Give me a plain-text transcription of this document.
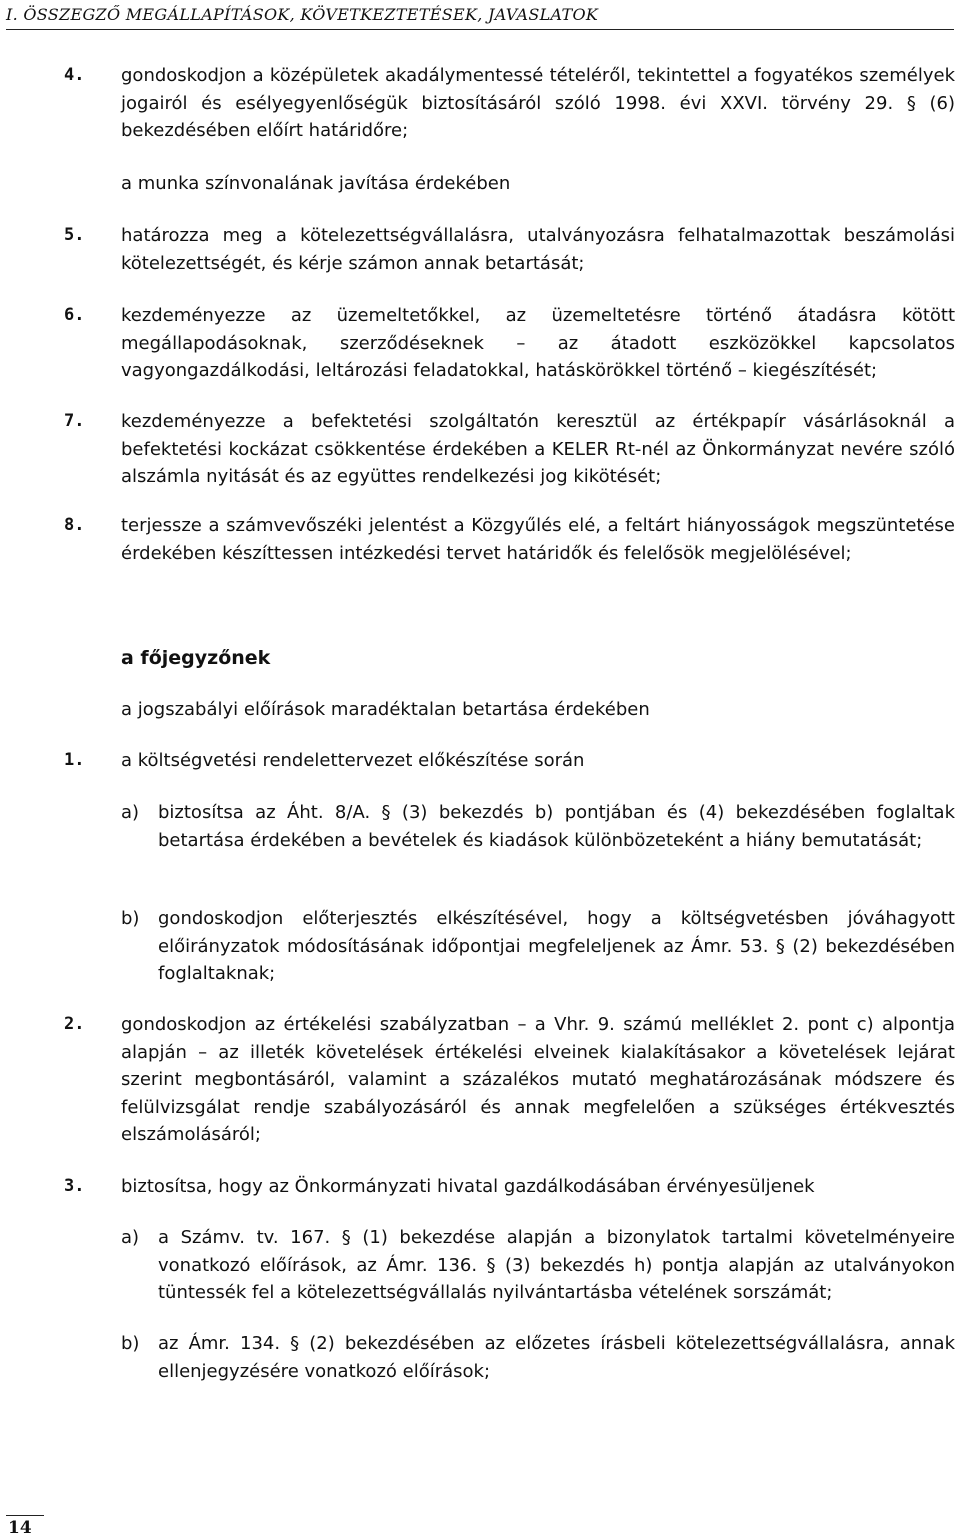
I. ÖSSZEGZŐ MEGÁLLAPÍTÁSOK, KÖVETKEZTETÉSEK, JAVASLATOK
4. gondoskodjon a középületek akadálymentessé tételéről, tekintettel a fogyatékos személyek jogairól és esélyegyenlőségük biztosításáról szóló 1998. évi XXVI. törvény 29. § (6) bekezdésében előírt határidőre;
a munka színvonalának javítása érdekében
5. határozza meg a kötelezettségvállalásra, utalványozásra felhatalmazottak beszámolási kötelezettségét, és kérje számon annak betartását;
6. kezdeményezze az üzemeltetőkkel, az üzemeltetésre történő átadásra kötött megállapodásoknak, szerződéseknek – az átadott eszközökkel kapcsolatos vagyongazdálkodási, leltározási feladatokkal, hatáskörökkel történő – kiegészítését;
7. kezdeményezze a befektetési szolgáltatón keresztül az értékpapír vásárlásoknál a befektetési kockázat csökkentése érdekében a KELER Rt-nél az Önkormányzat nevére szóló alszámla nyitását és az együttes rendelkezési jog kikötését;
8. terjessze a számvevőszéki jelentést a Közgyűlés elé, a feltárt hiányosságok megszüntetése érdekében készíttessen intézkedési tervet határidők és felelősök megjelölésével;
a főjegyzőnek
a jogszabályi előírások maradéktalan betartása érdekében
1. a költségvetési rendelettervezet előkészítése során
a) biztosítsa az Áht. 8/A. § (3) bekezdés b) pontjában és (4) bekezdésében foglaltak betartása érdekében a bevételek és kiadások különbözeteként a hiány bemutatását;
b) gondoskodjon előterjesztés elkészítésével, hogy a költségvetésben jóváhagyott előirányzatok módosításának időpontjai megfeleljenek az Ámr. 53. § (2) bekezdésében foglaltaknak;
2. gondoskodjon az értékelési szabályzatban – a Vhr. 9. számú melléklet 2. pont c) alpontja alapján – az illeték követelések értékelési elveinek kialakításakor a követelések lejárat szerint megbontásáról, valamint a százalékos mutató meghatározásának módszere és felülvizsgálat rendje szabályozásáról és annak megfelelően a szükséges értékvesztés elszámolásáról;
3. biztosítsa, hogy az Önkormányzati hivatal gazdálkodásában érvényesüljenek
a) a Számv. tv. 167. § (1) bekezdése alapján a bizonylatok tartalmi követelményeire vonatkozó előírások, az Ámr. 136. § (3) bekezdés h) pontja alapján az utalványokon tüntessék fel a kötelezettségvállalás nyilvántartásba vételének sorszámát;
b) az Ámr. 134. § (2) bekezdésében az előzetes írásbeli kötelezettségvállalásra, annak ellenjegyzésére vonatkozó előírások;
14
